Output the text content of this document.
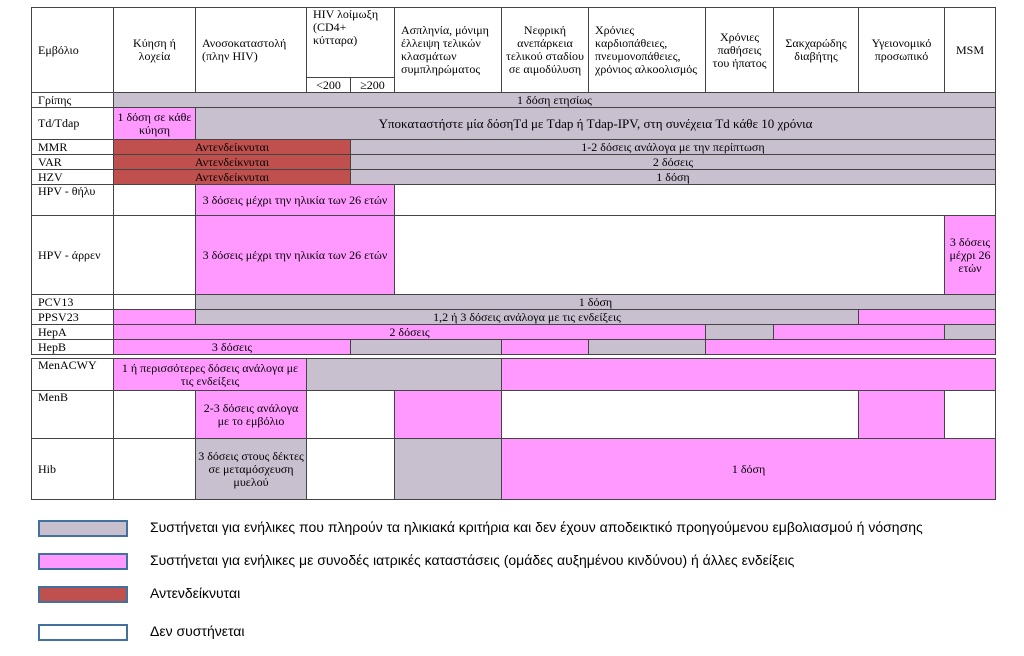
Εμβόλιο	Κύηση ή λοχεία	Ανοσοκαταστολή (πλην HIV)	HIV λοίμωξη (CD4+ κύτταρα)		Ασπληνία, μόνιμη έλλειψη τελικών κλασμάτων συμπληρώματος	Νεφρική ανεπάρκεια τελικού σταδίου σε αιμοδύλυση	Χρόνιες καρδιοπάθειες, πνευμονοπάθειες, χρόνιος αλκοολισμός	Χρόνιες παθήσεις του ήπατος	Σακχαρώδης διαβήτης	Υγειονομικό προσωπικό	MSM
			<200	≥200							
Γρίπης	1 δόση ετησίως										
Td/Tdap	1 δόση σε κάθε κύηση	Υποκαταστήστε μία δόσηTd με Tdap ή Tdap-IPV, στη συνέχεια Td κάθε 10 χρόνια									
MMR	Αντενδείκνυται			1-2 δόσεις ανάλογα με την περίπτωση							
VAR	Αντενδείκνυται			2 δόσεις							
HZV	Αντενδείκνυται			1 δόση							
HPV - θήλυ		3 δόσεις μέχρι την ηλικία των 26 ετών									
HPV - άρρεν		3 δόσεις μέχρι την ηλικία των 26 ετών									3 δόσεις μέχρι 26 ετών
PCV13		1 δόση									
PPSV23		1,2 ή 3 δόσεις ανάλογα με τις ενδείξεις									
HepA	2 δόσεις										
HepB	3 δόσεις										
MenACWY	1 ή περισσότερες δόσεις ανάλογα με τις ενδείξεις						
MenB		2-3 δόσεις ανάλογα με το εμβόλιο					
Hib		3 δόσεις στους δέκτες σε μεταμόσχευση μυελού			1 δόση		
Συστήνεται για ενήλικες που πληρούν τα ηλικιακά κριτήρια και δεν έχουν αποδεικτικό προηγούμενου εμβολιασμού ή νόσησης
Συστήνεται για ενήλικες με συνοδές ιατρικές καταστάσεις (ομάδες αυξημένου κινδύνου) ή άλλες ενδείξεις
Αντενδείκνυται
Δεν συστήνεται
